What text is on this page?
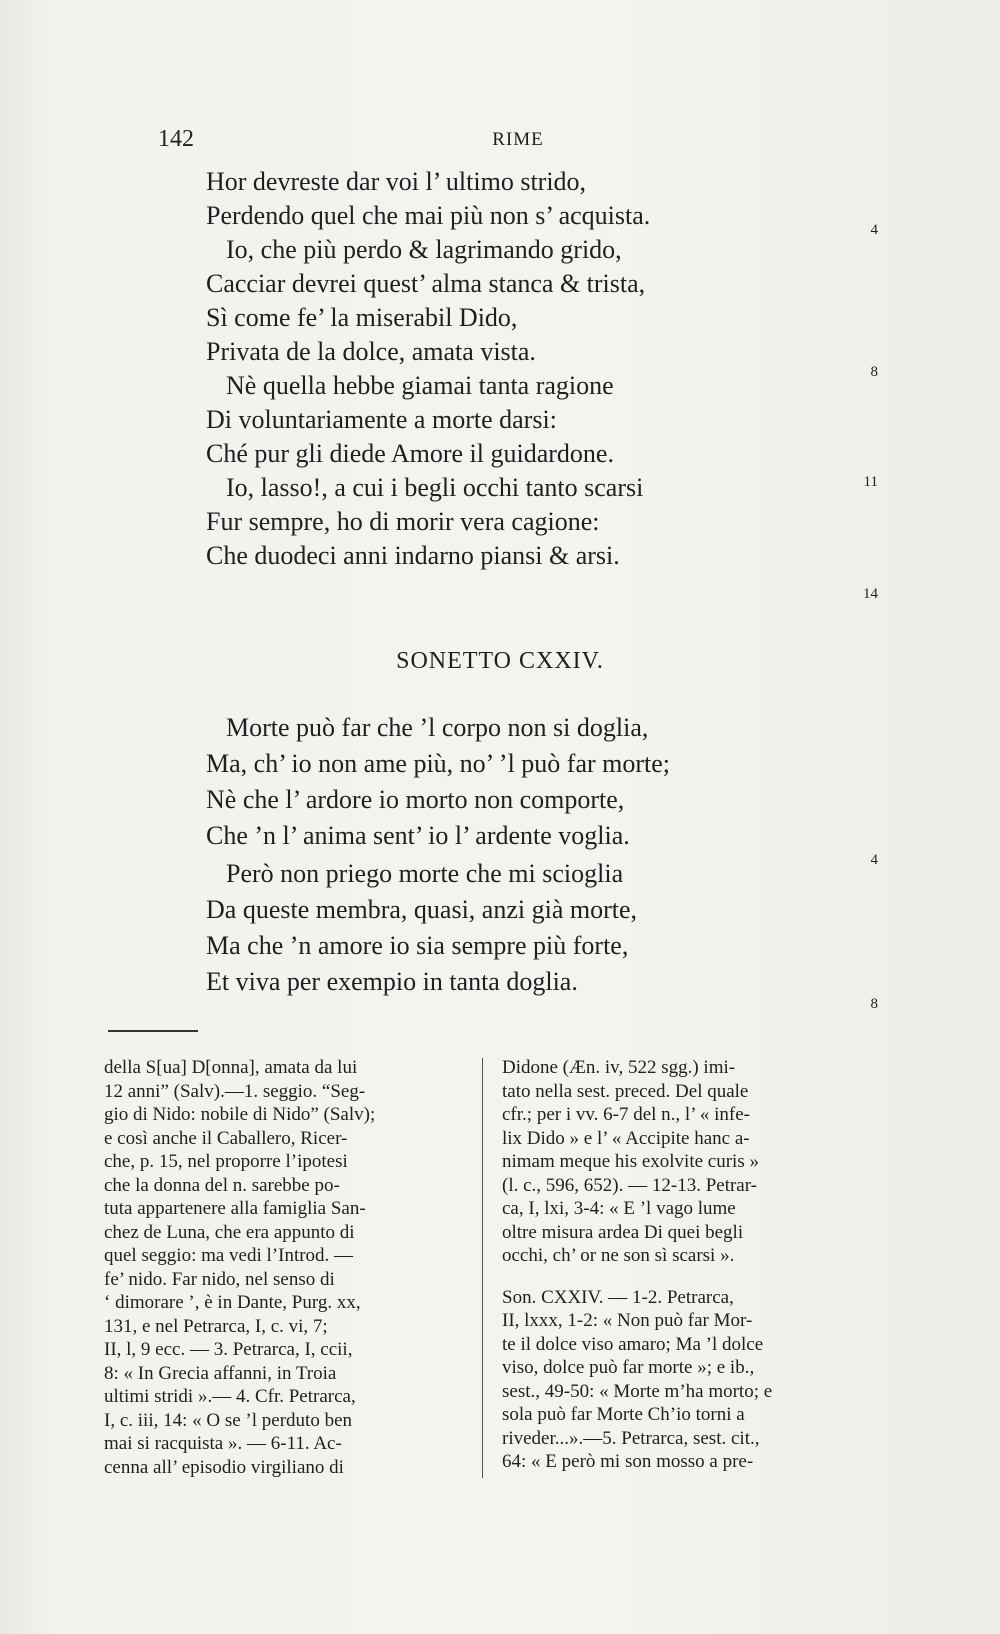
142	RIME
Hor devreste dar voi l’ ultimo strido,
Perdendo quel che mai più non s’ acquista.
Io, che più perdo & lagrimando grido,
Cacciar devrei quest’ alma stanca & trista,
Sì come fe’ la miserabil Dido,
Privata de la dolce, amata vista.
Nè quella hebbe giamai tanta ragione
Di voluntariamente a morte darsi:
Ché pur gli diede Amore il guidardone.
Io, lasso!, a cui i begli occhi tanto scarsi
Fur sempre, ho di morir vera cagione:
Che duodeci anni indarno piansi & arsi.
4
8
11
14
SONETTO CXXIV.
Morte può far che ’l corpo non si doglia,
Ma, ch’ io non ame più, no’ ’l può far morte;
Nè che l’ ardore io morto non comporte,
Che ’n l’ anima sent’ io l’ ardente voglia.
Però non priego morte che mi scioglia
Da queste membra, quasi, anzi già morte,
Ma che ’n amore io sia sempre più forte,
Et viva per exempio in tanta doglia.
4
8
della S[ua] D[onna], amata da lui
12 anni” (Salv).—1. seggio. “Seg-
gio di Nido: nobile di Nido” (Salv);
e così anche il Caballero, Ricer-
che, p. 15, nel proporre l’ipotesi
che la donna del n. sarebbe po-
tuta appartenere alla famiglia San-
chez de Luna, che era appunto di
quel seggio: ma vedi l’Introd. —
fe’ nido. Far nido, nel senso di
‘ dimorare ’, è in Dante, Purg. xx,
131, e nel Petrarca, I, c. vi, 7;
II, l, 9 ecc. — 3. Petrarca, I, ccii,
8: « In Grecia affanni, in Troia
ultimi stridi ».— 4. Cfr. Petrarca,
I, c. iii, 14: « O se ’l perduto ben
mai si racquista ». — 6-11. Ac-
cenna all’ episodio virgiliano di
Didone (Æn. iv, 522 sgg.) imi-
tato nella sest. preced. Del quale
cfr.; per i vv. 6-7 del n., l’ « infe-
lix Dido » e l’ « Accipite hanc a-
nimam meque his exolvite curis »
(l. c., 596, 652). — 12-13. Petrar-
ca, I, lxi, 3-4: « E ’l vago lume
oltre misura ardea Di quei begli
occhi, ch’ or ne son sì scarsi ».
Son. CXXIV. — 1-2. Petrarca,
II, lxxx, 1-2: « Non può far Mor-
te il dolce viso amaro; Ma ’l dolce
viso, dolce può far morte »; e ib.,
sest., 49-50: « Morte m’ha morto; e
sola può far Morte Ch’io torni a
riveder...».—5. Petrarca, sest. cit.,
64: « E però mi son mosso a pre-
